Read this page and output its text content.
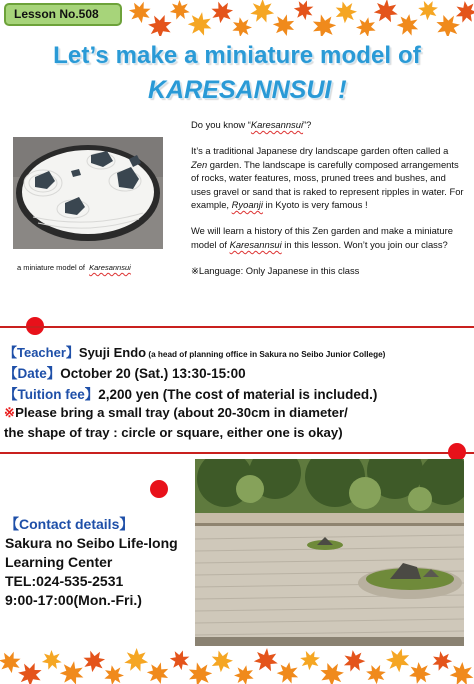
Lesson No.508
Let’s make a miniature model of
KARESANNSUI !
a miniature model of Karesannsui

Do you know “Karesannsui”?

It’s a traditional Japanese dry landscape garden often called a Zen garden. The landscape is carefully composed arrangements of rocks, water features, moss, pruned trees and bushes, and uses gravel or sand that is raked to represent ripples in water. For example, Ryoanji in Kyoto is very famous !

We will learn a history of this Zen garden and make a miniature model of Karesannsui in this lesson. Won’t you join our class?

※Language: Only Japanese in this class

【Teacher】Syuji Endo (a head of planning office in Sakura no Seibo Junior College)
【Date】October 20 (Sat.) 13:30-15:00
【Tuition fee】2,200 yen (The cost of material is included.)
※Please bring a small tray (about 20-30cm in diameter/
the shape of tray : circle or square, either one is okay)
【Contact details】
Sakura no Seibo Life-long
Learning Center
TEL:024-535-2531
9:00-17:00(Mon.-Fri.)
